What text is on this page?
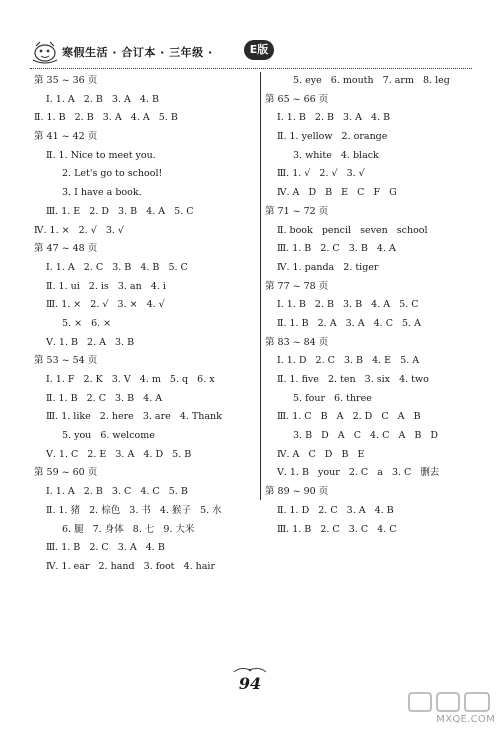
寒假生活 · 合订本 · 三年级 ·	E版
第 35 ~ 36 页
Ⅰ. 1. A   2. B   3. A   4. B
Ⅱ. 1. B   2. B   3. A   4. A   5. B
第 41 ~ 42 页
Ⅱ. 1. Nice to meet you.
2. Let's go to school!
3. I have a book.
Ⅲ. 1. E   2. D   3. B   4. A   5. C
Ⅳ. 1. ×   2. √   3. √
第 47 ~ 48 页
Ⅰ. 1. A   2. C   3. B   4. B   5. C
Ⅱ. 1. ui   2. is   3. an   4. i
Ⅲ. 1. ×   2. √   3. ×   4. √
5. ×   6. ×
Ⅴ. 1. B   2. A   3. B
第 53 ~ 54 页
Ⅰ. 1. F   2. K   3. V   4. m   5. q   6. x
Ⅱ. 1. B   2. C   3. B   4. A
Ⅲ. 1. like   2. here   3. are   4. Thank
5. you   6. welcome
Ⅴ. 1. C   2. E   3. A   4. D   5. B
第 59 ~ 60 页
Ⅰ. 1. A   2. B   3. C   4. C   5. B
Ⅱ. 1. 猪   2. 棕色   3. 书   4. 猴子   5. 水
6. 腿   7. 身体   8. 七   9. 大米
Ⅲ. 1. B   2. C   3. A   4. B
Ⅳ. 1. ear   2. hand   3. foot   4. hair
5. eye   6. mouth   7. arm   8. leg
第 65 ~ 66 页
Ⅰ. 1. B   2. B   3. A   4. B
Ⅱ. 1. yellow   2. orange
3. white   4. black
Ⅲ. 1. √   2. √   3. √
Ⅳ. A   D   B   E   C   F   G
第 71 ~ 72 页
Ⅱ. book   pencil   seven   school
Ⅲ. 1. B   2. C   3. B   4. A
Ⅳ. 1. panda   2. tiger
第 77 ~ 78 页
Ⅰ. 1. B   2. B   3. B   4. A   5. C
Ⅱ. 1. B   2. A   3. A   4. C   5. A
第 83 ~ 84 页
Ⅰ. 1. D   2. C   3. B   4. E   5. A
Ⅱ. 1. five   2. ten   3. six   4. two
5. four   6. three
Ⅲ. 1. C   B   A   2. D   C   A   B
3. B   D   A   C   4. C   A   B   D
Ⅳ. A   C   D   B   E
Ⅴ. 1. B   your   2. C   a   3. C   删去
第 89 ~ 90 页
Ⅱ. 1. D   2. C   3. A   4. B
Ⅲ. 1. B   2. C   3. C   4. C
94
MXQE.COM
